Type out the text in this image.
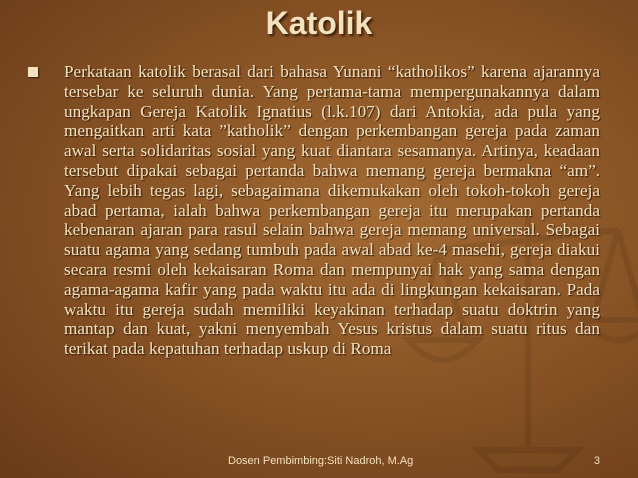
Katolik

Perkataan katolik berasal dari bahasa Yunani “katholikos” karena ajarannya tersebar ke seluruh dunia. Yang pertama-tama mempergunakannya dalam ungkapan Gereja Katolik Ignatius (l.k.107) dari Antokia, ada pula yang mengaitkan arti kata ”katholik” dengan perkembangan gereja pada zaman awal serta solidaritas sosial yang kuat diantara sesamanya. Artinya, keadaan tersebut dipakai sebagai pertanda bahwa memang gereja bermakna “am”. Yang lebih tegas lagi, sebagaimana dikemukakan oleh tokoh-tokoh gereja abad pertama, ialah bahwa perkembangan gereja itu merupakan pertanda kebenaran ajaran para rasul selain bahwa gereja memang universal. Sebagai suatu agama yang sedang tumbuh pada awal abad ke-4 masehi, gereja diakui secara resmi oleh kekaisaran Roma dan mempunyai hak yang sama dengan agama-agama kafir yang pada waktu itu ada di lingkungan kekaisaran. Pada waktu itu gereja sudah memiliki keyakinan terhadap suatu doktrin yang mantap dan kuat, yakni menyembah Yesus kristus dalam suatu ritus dan terikat pada kepatuhan terhadap uskup di Roma

Dosen Pembimbing:Siti Nadroh, M.Ag	3
